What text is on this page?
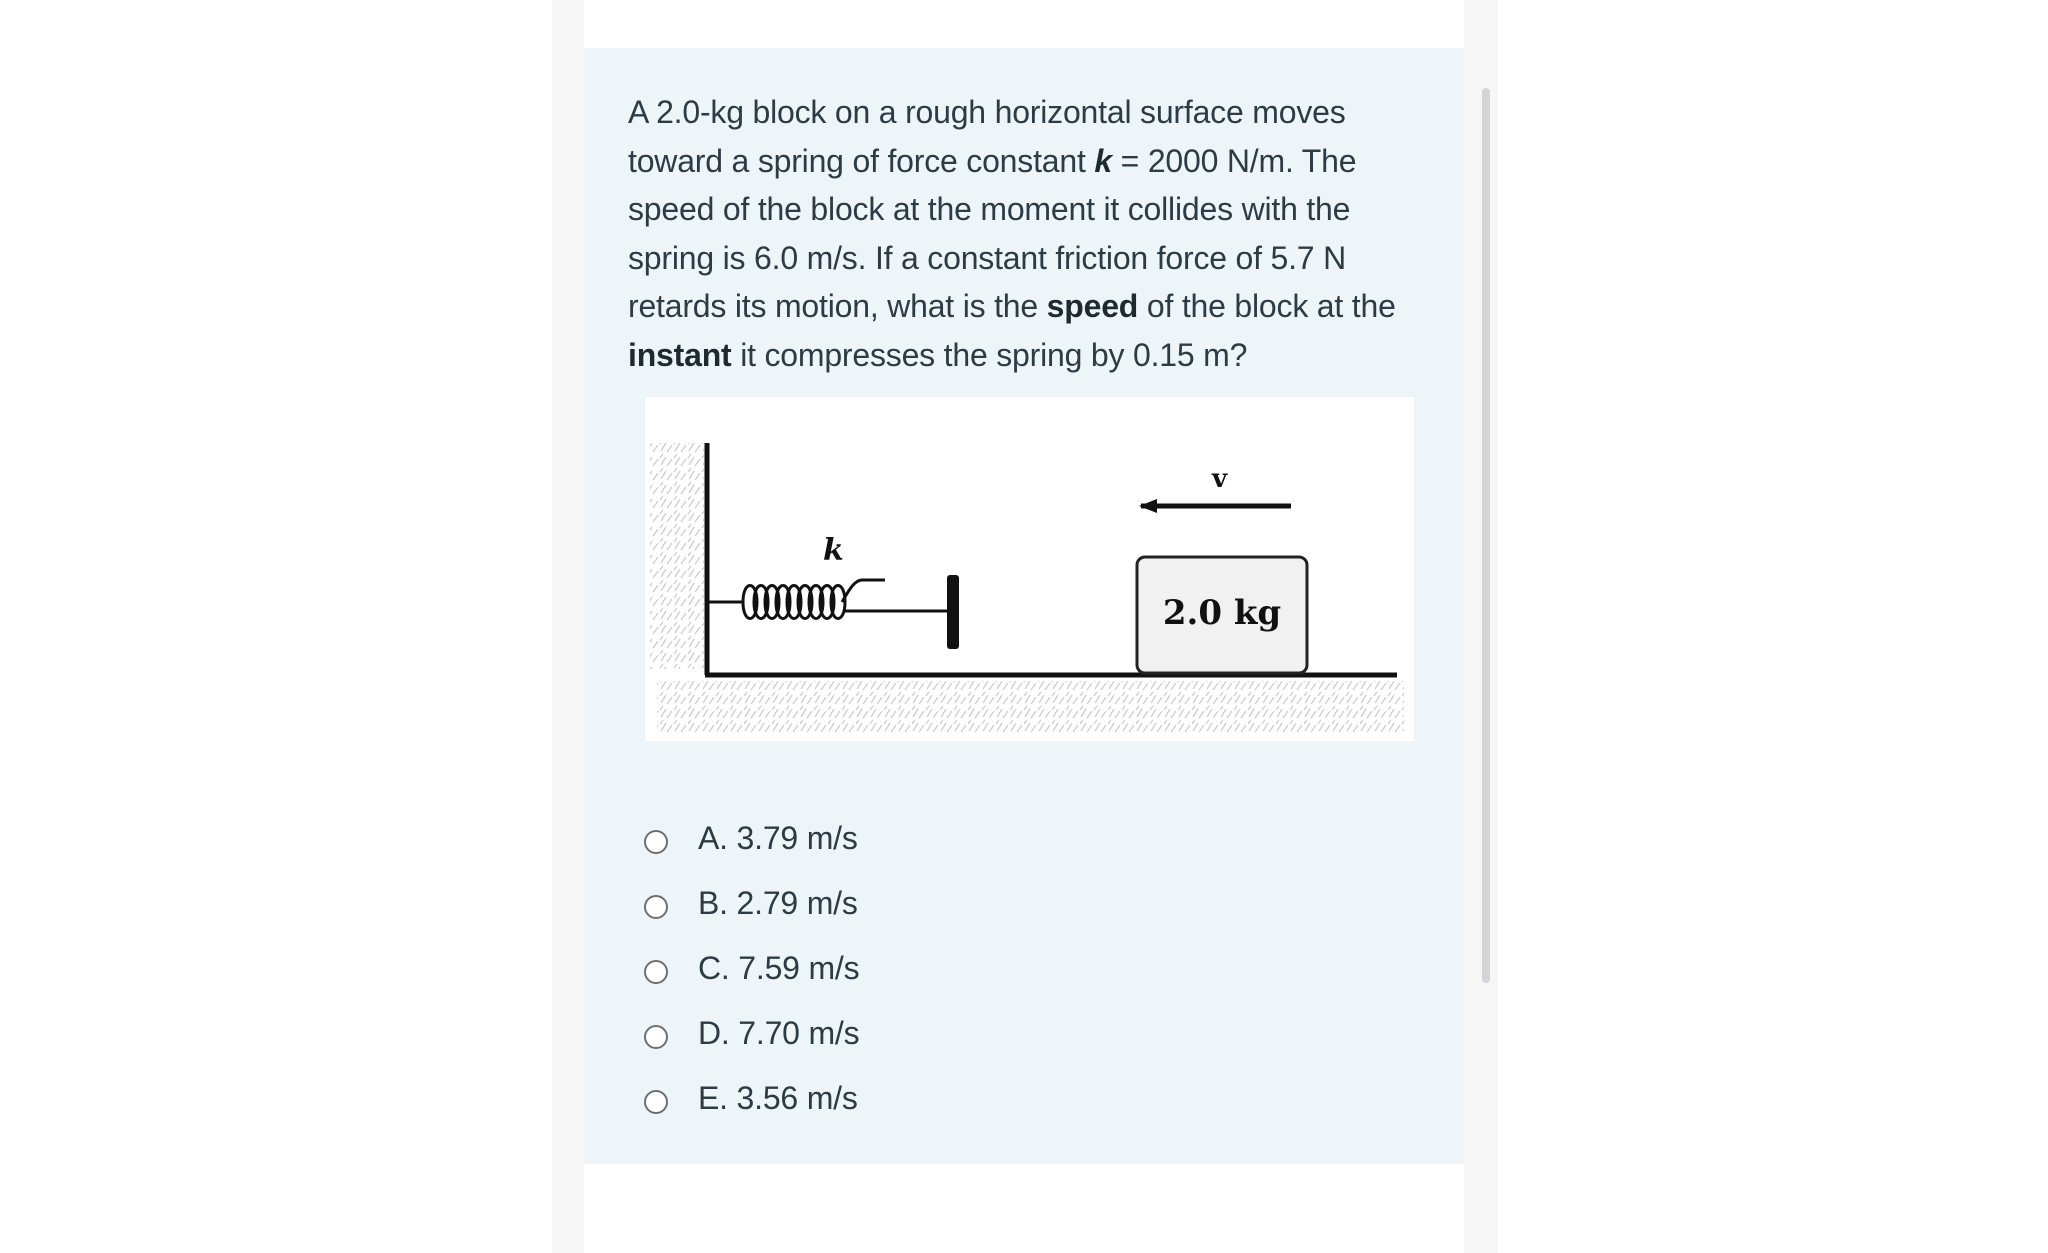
A 2.0-kg block on a rough horizontal surface moves
toward a spring of force constant k = 2000 N/m. The
speed of the block at the moment it collides with the
spring is 6.0 m/s. If a constant friction force of 5.7 N
retards its motion, what is the speed of the block at the
instant it compresses the spring by 0.15 m?
k
v
2.0 kg
A. 3.79 m/s
B. 2.79 m/s
C. 7.59 m/s
D. 7.70 m/s
E. 3.56 m/s
